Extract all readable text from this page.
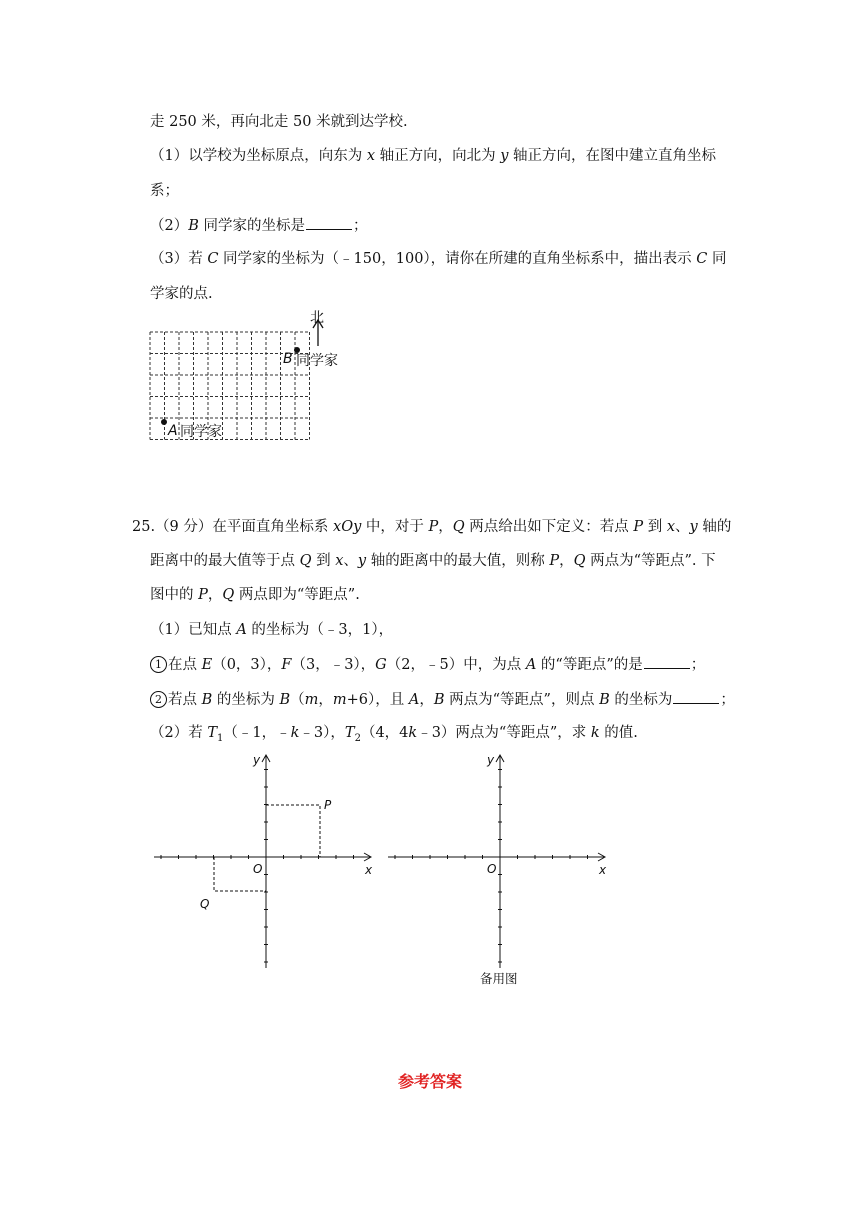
走 250 米，再向北走 50 米就到达学校.
（1）以学校为坐标原点，向东为 x 轴正方向，向北为 y 轴正方向，在图中建立直角坐标
系；
（2）B 同学家的坐标是	；
（3）若 C 同学家的坐标为（﹣150，100），请你在所建的直角坐标系中，描出表示 C 同
学家的点.
北
B 同学家
A 同学家
25.（9 分）在平面直角坐标系 xOy 中，对于 P，Q 两点给出如下定义：若点 P 到 x、y 轴的
距离中的最大值等于点 Q 到 x、y 轴的距离中的最大值，则称 P，Q 两点为“等距点”. 下
图中的 P，Q 两点即为“等距点”.
（1）已知点 A 的坐标为（﹣3，1），
1 在点 E（0，3），F（3，﹣3），G（2，﹣5）中，为点 A 的“等距点”的是	；
2 若点 B 的坐标为 B（m，m+6），且 A，B 两点为“等距点”，则点 B 的坐标为	；
（2）若 $T_1(﹣1$，﹣k﹣3），$T_2(4$，4k﹣3）两点为“等距点”，求 k 的值.
y
x
O
P
Q
y
x
O
备用图
参考答案
